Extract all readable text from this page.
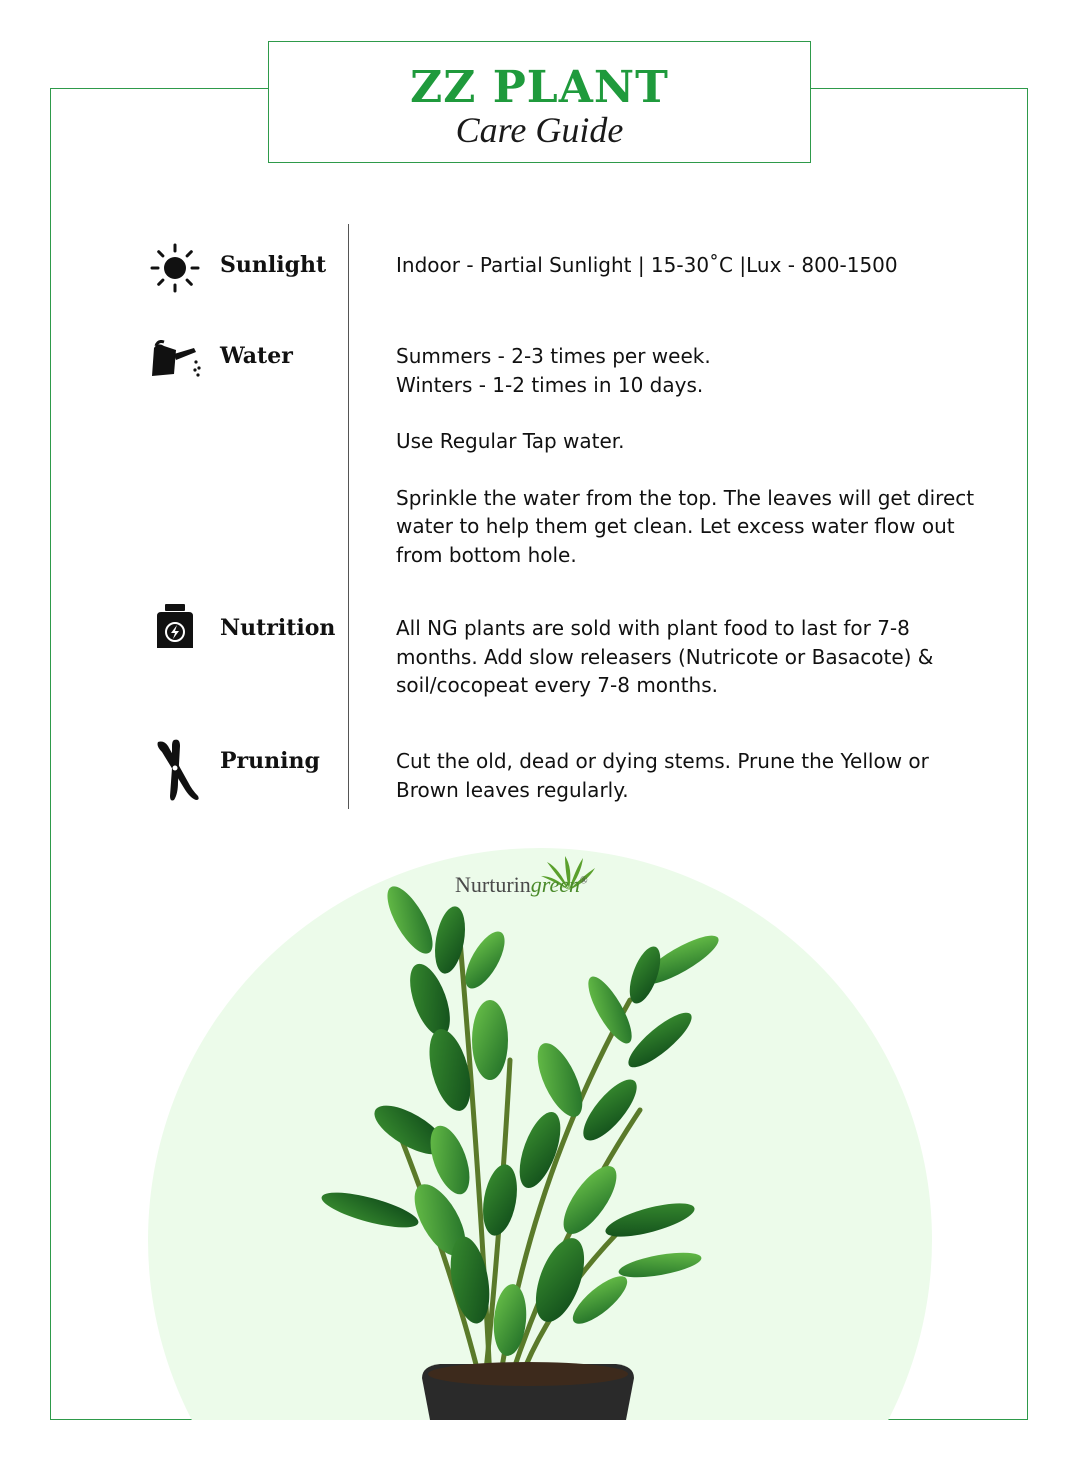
ZZ PLANT
Care Guide
Sunlight	Indoor - Partial Sunlight | 15-30˚C |Lux - 800-1500

Water	Summers - 2-3 times per week.

Winters - 1-2 times in 10 days.

Use Regular Tap water.

Sprinkle the water from the top. The leaves will get direct water to help them get clean. Let excess water flow out from bottom hole.

Nutrition	All NG plants are sold with plant food to last for 7-8 months. Add slow releasers (Nutricote or Basacote) & soil/cocopeat every 7-8 months.

Pruning	Cut the old, dead or dying stems. Prune the Yellow or Brown leaves regularly.

Nurturingreen®
